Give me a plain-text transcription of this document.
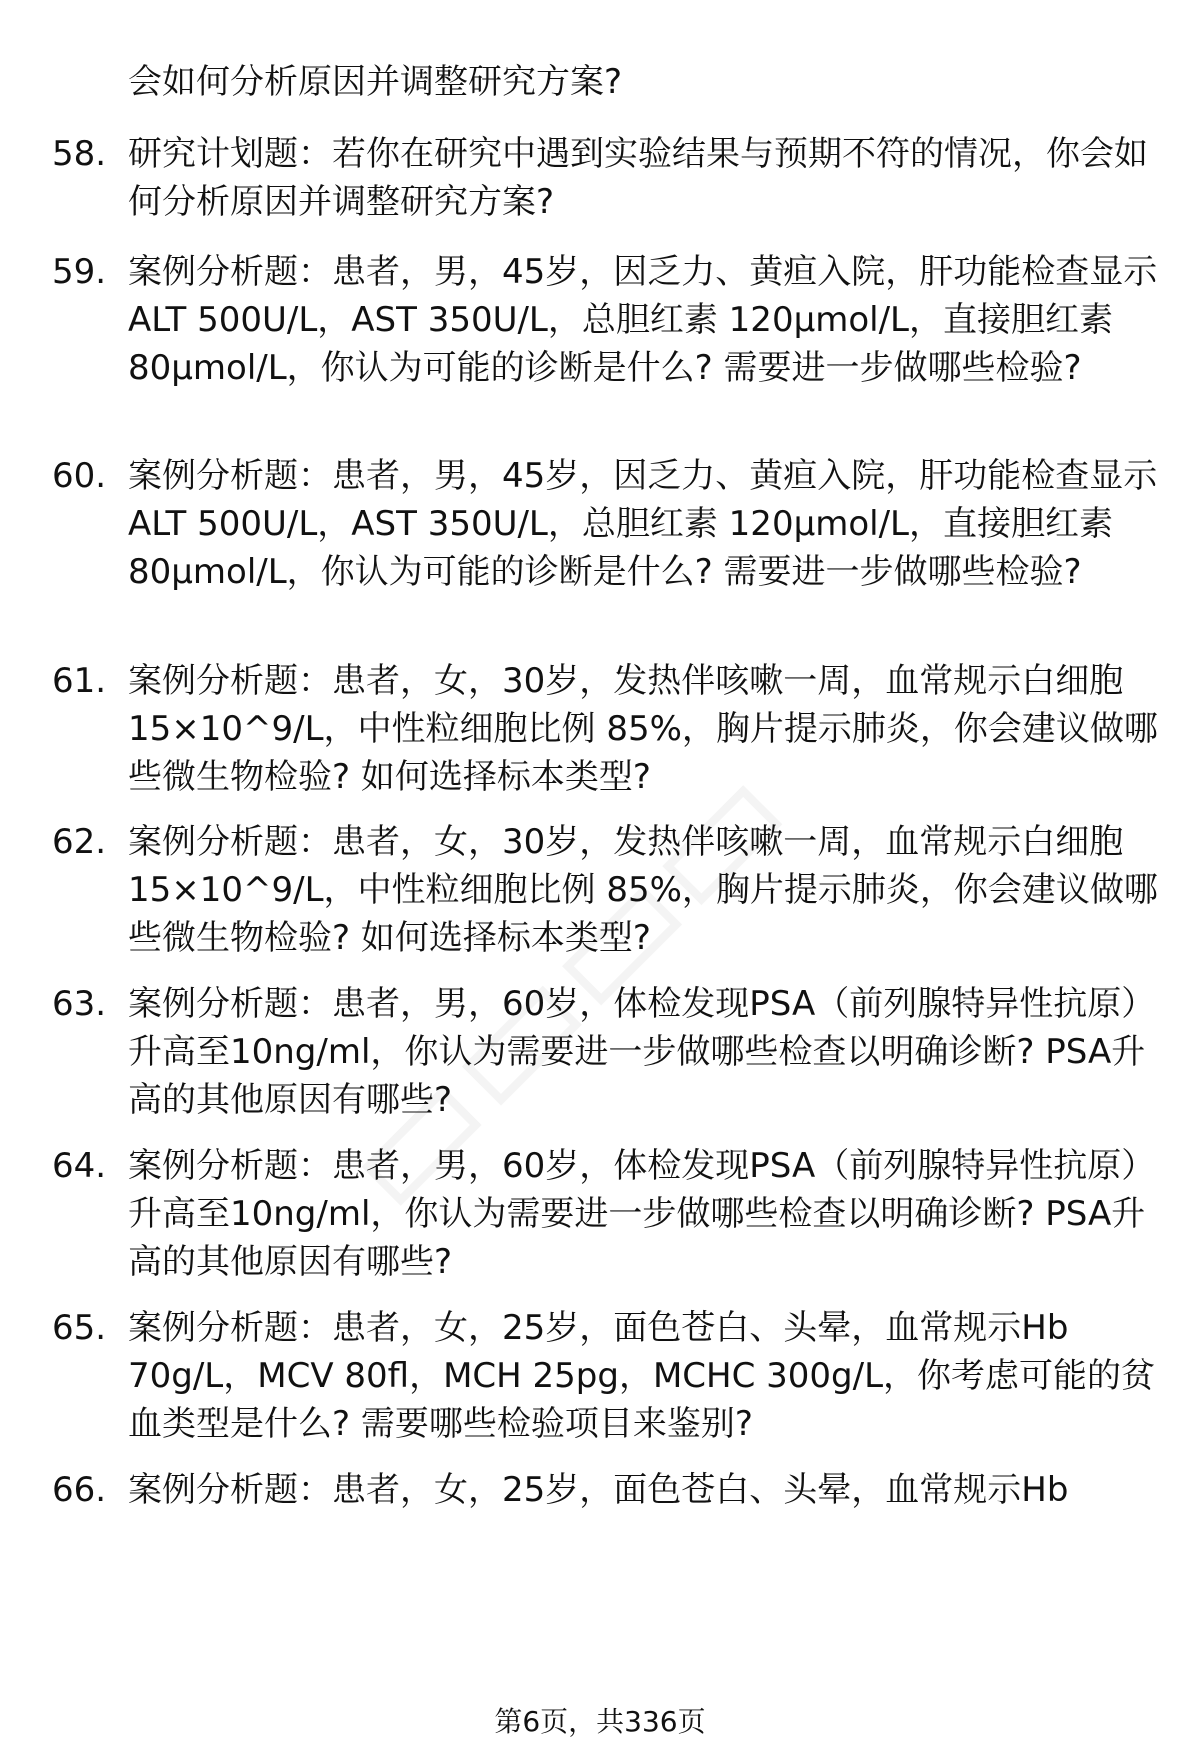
会如何分析原因并调整研究方案?
58. 研究计划题：若你在研究中遇到实验结果与预期不符的情况，你会如何分析原因并调整研究方案?
59. 案例分析题：患者，男，45岁，因乏力、黄疸入院，肝功能检查显示ALT 500U/L，AST 350U/L，总胆红素 120μmol/L，直接胆红素 80μmol/L，你认为可能的诊断是什么? 需要进一步做哪些检验?
60. 案例分析题：患者，男，45岁，因乏力、黄疸入院，肝功能检查显示ALT 500U/L，AST 350U/L，总胆红素 120μmol/L，直接胆红素 80μmol/L，你认为可能的诊断是什么? 需要进一步做哪些检验?
61. 案例分析题：患者，女，30岁，发热伴咳嗽一周，血常规示白细胞 15×10^9/L，中性粒细胞比例 85%，胸片提示肺炎，你会建议做哪些微生物检验? 如何选择标本类型?
62. 案例分析题：患者，女，30岁，发热伴咳嗽一周，血常规示白细胞 15×10^9/L，中性粒细胞比例 85%，胸片提示肺炎，你会建议做哪些微生物检验? 如何选择标本类型?
63. 案例分析题：患者，男，60岁，体检发现PSA（前列腺特异性抗原）升高至10ng/ml，你认为需要进一步做哪些检查以明确诊断? PSA升高的其他原因有哪些?
64. 案例分析题：患者，男，60岁，体检发现PSA（前列腺特异性抗原）升高至10ng/ml，你认为需要进一步做哪些检查以明确诊断? PSA升高的其他原因有哪些?
65. 案例分析题：患者，女，25岁，面色苍白、头晕，血常规示Hb 70g/L，MCV 80fl，MCH 25pg，MCHC 300g/L，你考虑可能的贫血类型是什么? 需要哪些检验项目来鉴别?
66. 案例分析题：患者，女，25岁，面色苍白、头晕，血常规示Hb
第6页，共336页
